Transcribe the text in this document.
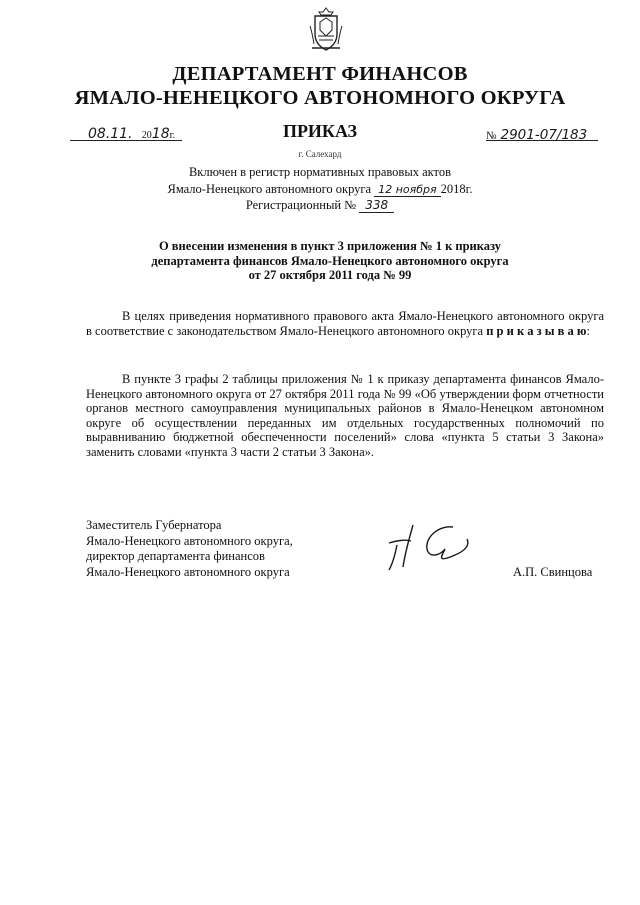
ДЕПАРТАМЕНТ ФИНАНСОВ
ЯМАЛО-НЕНЕЦКОГО АВТОНОМНОГО ОКРУГА
ПРИКАЗ
08.11. 2018г.	№ 2901-07/183
г. Салехард
Включен в регистр нормативных правовых актов
Ямало-Ненецкого автономного округа 12 ноября 2018г.
Регистрационный № 338
О внесении изменения в пункт 3 приложения № 1 к приказу
департамента финансов Ямало-Ненецкого автономного округа
от 27 октября 2011 года № 99
В целях приведения нормативного правового акта Ямало-Ненецкого автономного округа в соответствие с законодательством Ямало-Ненецкого автономного округа п р и к а з ы в а ю:
В пункте 3 графы 2 таблицы приложения № 1 к приказу департамента финансов Ямало-Ненецкого автономного округа от 27 октября 2011 года № 99 «Об утверждении форм отчетности органов местного самоуправления муниципальных районов в Ямало-Ненецком автономном округе об осуществлении переданных им отдельных государственных полномочий по выравниванию бюджетной обеспеченности поселений» слова «пункта 5 статьи 3 Закона» заменить словами «пункта 3 части 2 статьи 3 Закона».
Заместитель Губернатора
Ямало-Ненецкого автономного округа,
директор департамента финансов
Ямало-Ненецкого автономного округа	А.П. Свинцова
